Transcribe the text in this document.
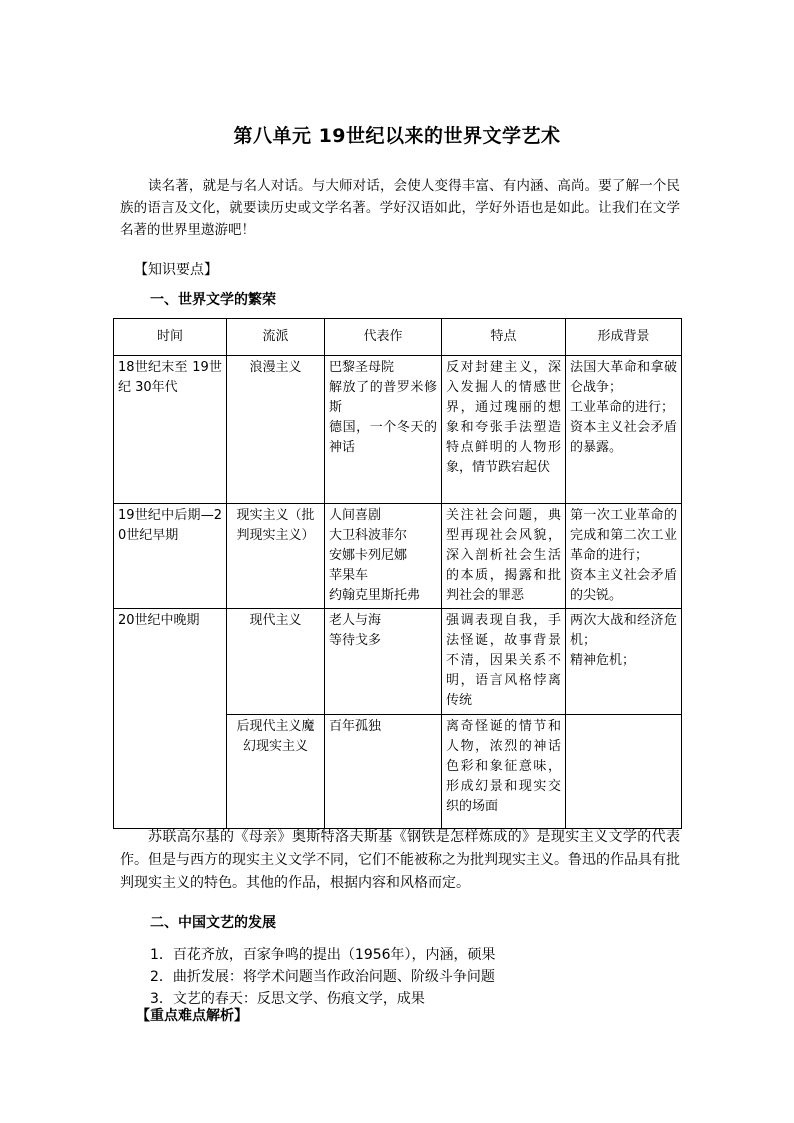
第八单元 19世纪以来的世界文学艺术

读名著，就是与名人对话。与大师对话，会使人变得丰富、有内涵、高尚。要了解一个民族的语言及文化，就要读历史或文学名著。学好汉语如此，学好外语也是如此。让我们在文学名著的世界里遨游吧！

【知识要点】
一、世界文学的繁荣
时间	流派	代表作	特点	形成背景

18世纪末至 19世纪 30年代	浪漫主义	巴黎圣母院
解放了的普罗米修斯
德国，一个冬天的神话	反对封建主义，深入发掘人的情感世界，通过瑰丽的想象和夸张手法塑造特点鲜明的人物形象，情节跌宕起伏	法国大革命和拿破仑战争；
工业革命的进行；
资本主义社会矛盾的暴露。

19世纪中后期—20世纪早期	现实主义（批判现实主义）	人间喜剧
大卫科波菲尔
安娜卡列尼娜
苹果车
约翰克里斯托弗	关注社会问题，典型再现社会风貌，深入剖析社会生活的本质，揭露和批判社会的罪恶	第一次工业革命的完成和第二次工业革命的进行；
资本主义社会矛盾的尖锐。

20世纪中晚期	现代主义	老人与海
等待戈多	强调表现自我，手法怪诞，故事背景不清，因果关系不明，语言风格悖离传统	两次大战和经济危机；
精神危机；

	后现代主义魔幻现实主义	百年孤独	离奇怪诞的情节和人物，浓烈的神话色彩和象征意味，形成幻景和现实交织的场面	

苏联高尔基的《母亲》奥斯特洛夫斯基《钢铁是怎样炼成的》是现实主义文学的代表作。但是与西方的现实主义文学不同，它们不能被称之为批判现实主义。鲁迅的作品具有批判现实主义的特色。其他的作品，根据内容和风格而定。

二、中国文艺的发展
1．百花齐放，百家争鸣的提出（1956年），内涵，硕果
2．曲折发展：将学术问题当作政治问题、阶级斗争问题
3．文艺的春天：反思文学、伤痕文学，成果
【重点难点解析】
